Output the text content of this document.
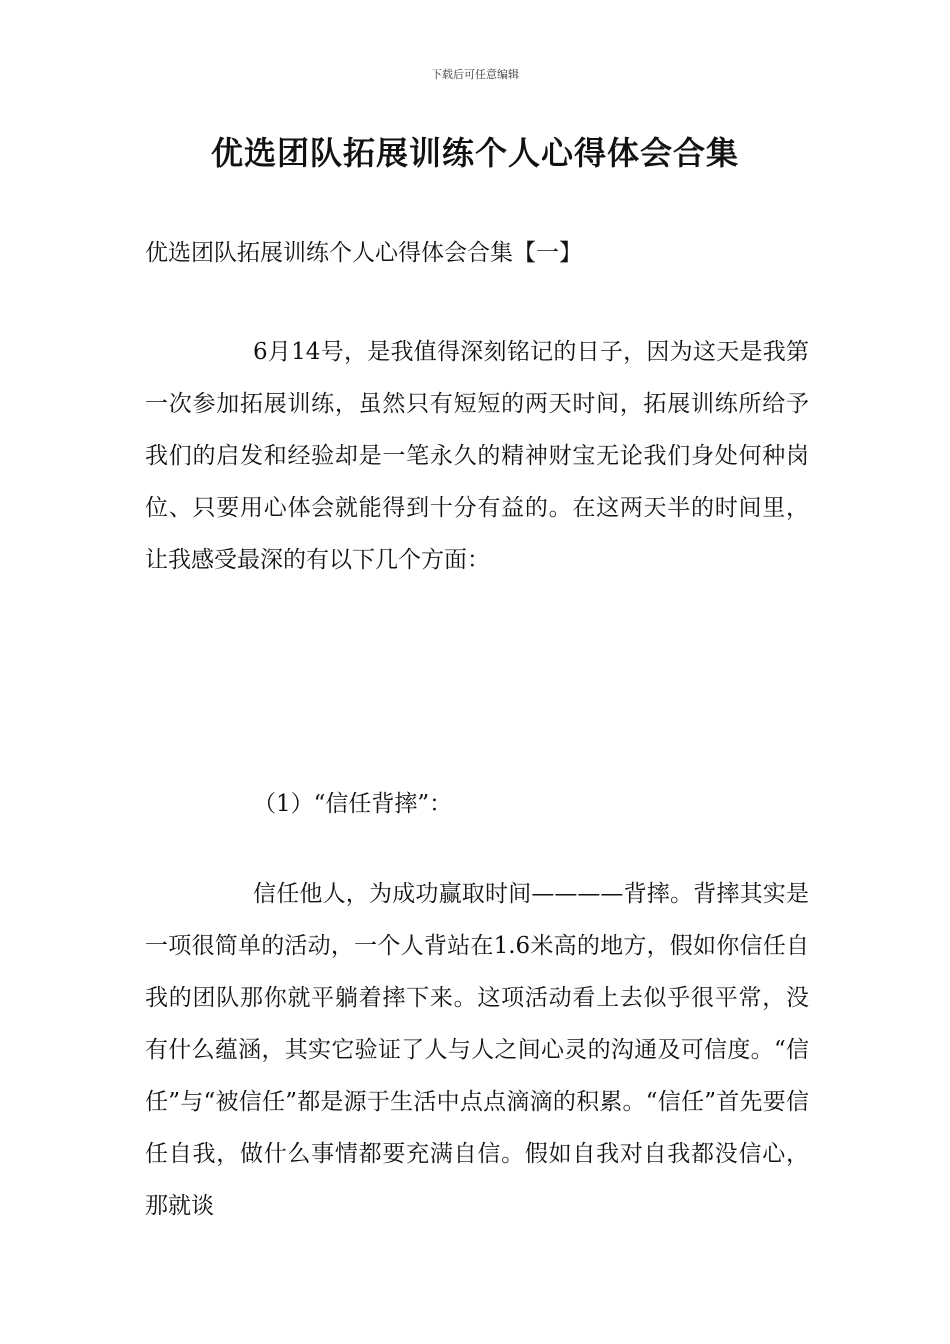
下载后可任意编辑
优选团队拓展训练个人心得体会合集
优选团队拓展训练个人心得体会合集【一】
6月14号，是我值得深刻铭记的日子，因为这天是我第一次参加拓展训练，虽然只有短短的两天时间，拓展训练所给予我们的启发和经验却是一笔永久的精神财宝无论我们身处何种岗位、只要用心体会就能得到十分有益的。在这两天半的时间里，让我感受最深的有以下几个方面：
（1）“信任背摔”：
信任他人，为成功赢取时间————背摔。背摔其实是一项很简单的活动，一个人背站在1.6米高的地方，假如你信任自我的团队那你就平躺着摔下来。这项活动看上去似乎很平常，没有什么蕴涵，其实它验证了人与人之间心灵的沟通及可信度。“信任”与“被信任”都是源于生活中点点滴滴的积累。“信任”首先要信任自我，做什么事情都要充满自信。假如自我对自我都没信心，那就谈
